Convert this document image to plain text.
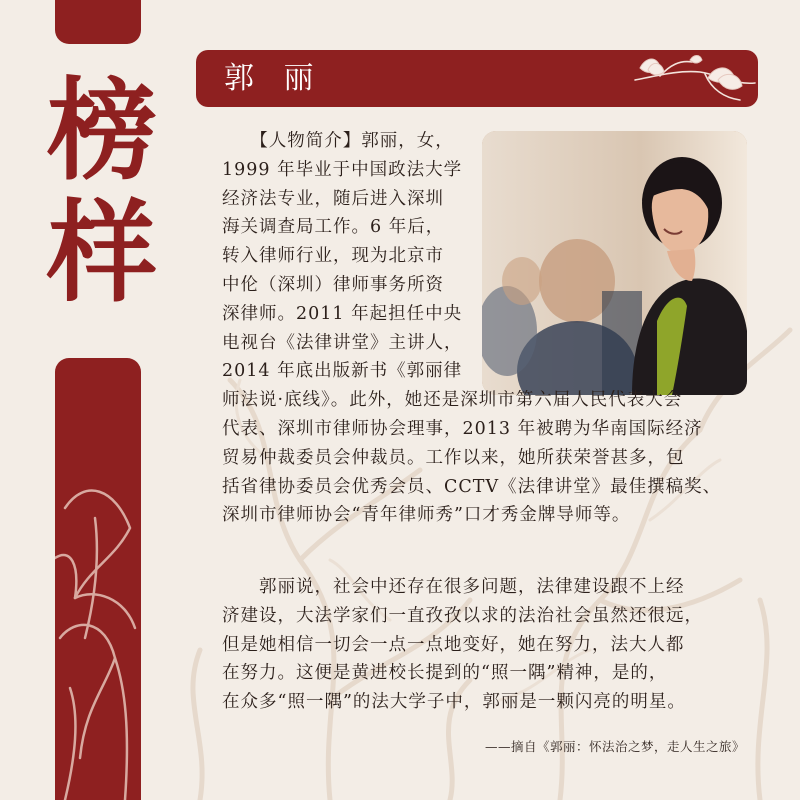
榜
样
郭 丽
　　【人物简介】郭丽，女，
1999 年毕业于中国政法大学
经济法专业，随后进入深圳
海关调查局工作。6 年后，
转入律师行业，现为北京市
中伦（深圳）律师事务所资
深律师。2011 年起担任中央
电视台《法律讲堂》主讲人，
2014 年底出版新书《郭丽律
师法说·底线》。此外，她还是深圳市第六届人民代表大会
代表、深圳市律师协会理事，2013 年被聘为华南国际经济
贸易仲裁委员会仲裁员。工作以来，她所获荣誉甚多，包
括省律协委员会优秀会员、CCTV《法律讲堂》最佳撰稿奖、
深圳市律师协会“青年律师秀”口才秀金牌导师等。
　　郭丽说，社会中还存在很多问题，法律建设跟不上经
济建设，大法学家们一直孜孜以求的法治社会虽然还很远，
但是她相信一切会一点一点地变好，她在努力，法大人都
在努力。这便是黄进校长提到的“照一隅”精神，是的，
在众多“照一隅”的法大学子中，郭丽是一颗闪亮的明星。
——摘自《郭丽：怀法治之梦，走人生之旅》
